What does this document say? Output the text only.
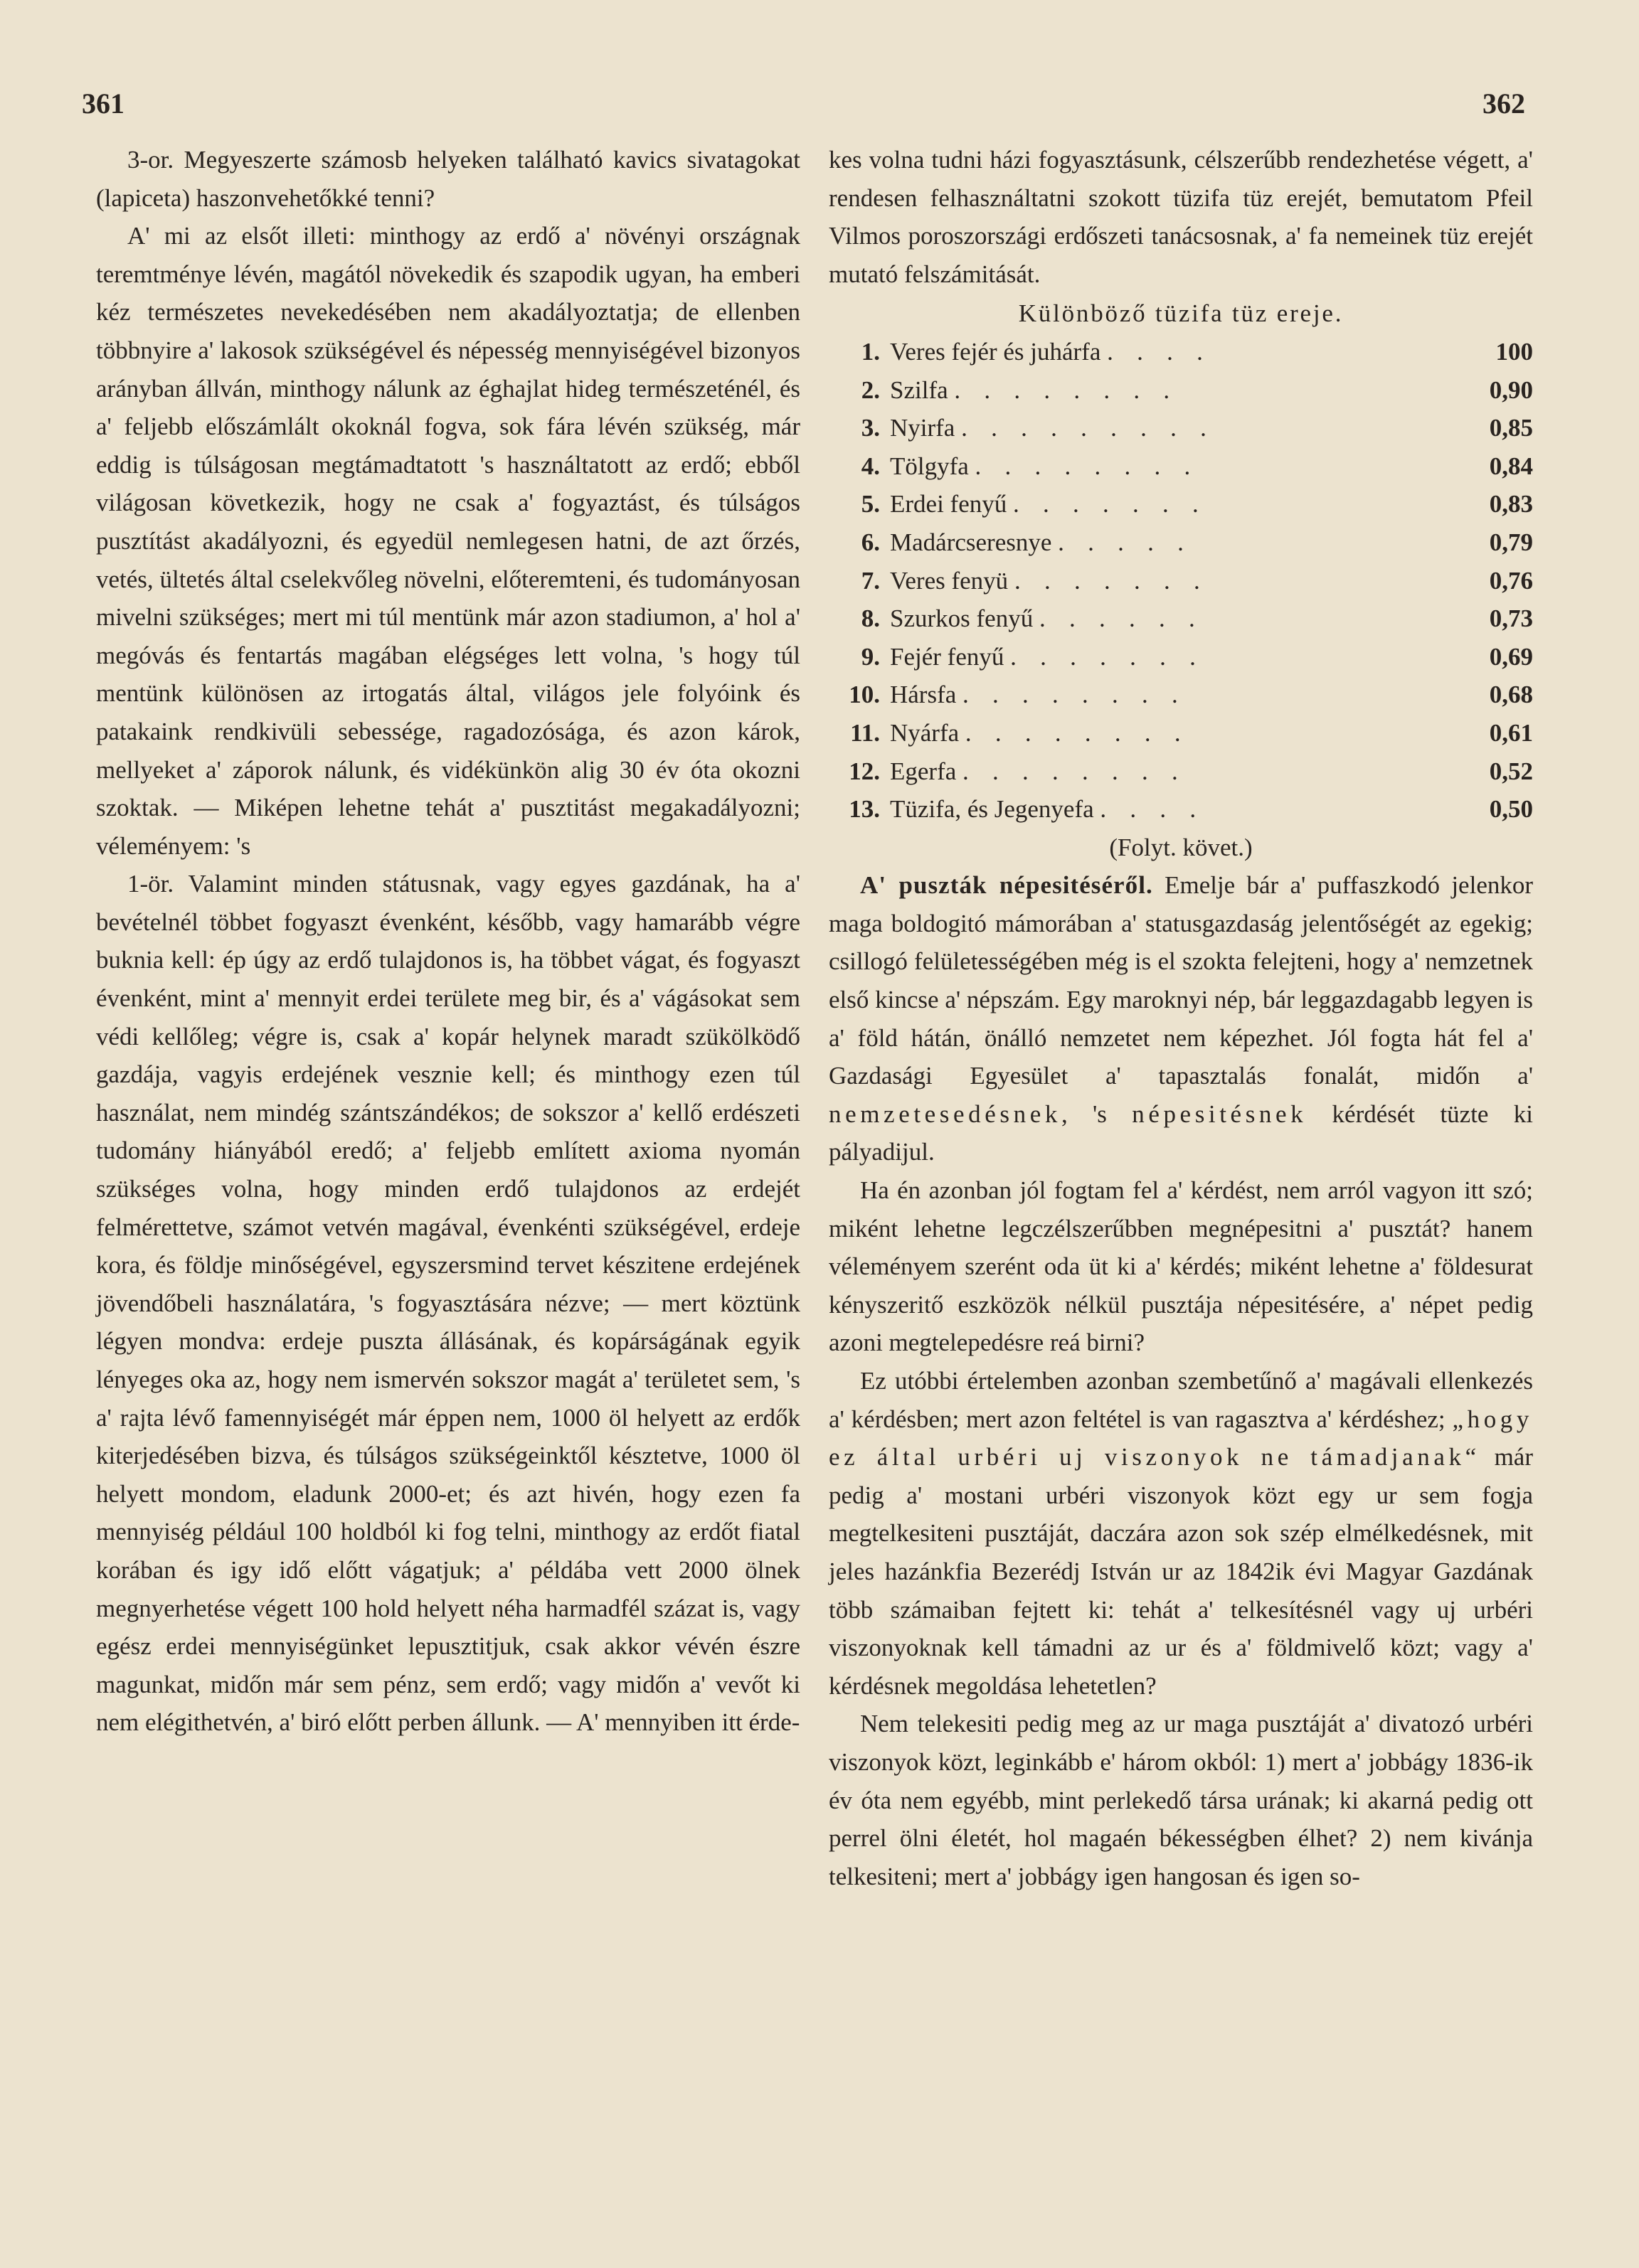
361	362

3-or. Megyeszerte számosb helyeken található kavics sivatagokat (lapiceta) haszonvehetőkké tenni?

A' mi az elsőt illeti: minthogy az erdő a' növényi országnak teremtménye lévén, magától növekedik és szapodik ugyan, ha emberi kéz természetes nevekedésében nem akadályoztatja; de ellenben többnyire a' lakosok szükségével és népesség mennyiségével bizonyos arányban állván, minthogy nálunk az éghajlat hideg természeténél, és a' feljebb előszámlált okoknál fogva, sok fára lévén szükség, már eddig is túlságosan megtámadtatott 's használtatott az erdő; ebből világosan következik, hogy ne csak a' fogyaztást, és túlságos pusztítást akadályozni, és egyedül nemlegesen hatni, de azt őrzés, vetés, ültetés által cselekvőleg növelni, előteremteni, és tudományosan mivelni szükséges; mert mi túl mentünk már azon stadiumon, a' hol a' megóvás és fentartás magában elégséges lett volna, 's hogy túl mentünk különösen az irtogatás által, világos jele folyóink és patakaink rendkivüli sebessége, ragadozósága, és azon károk, mellyeket a' záporok nálunk, és vidékünkön alig 30 év óta okozni szoktak. — Miképen lehetne tehát a' pusztitást megakadályozni; véleményem: 's

1-ör. Valamint minden státusnak, vagy egyes gazdának, ha a' bevételnél többet fogyaszt évenként, később, vagy hamarább végre buknia kell: ép úgy az erdő tulajdonos is, ha többet vágat, és fogyaszt évenként, mint a' mennyit erdei területe meg bir, és a' vágásokat sem védi kellőleg; végre is, csak a' kopár helynek maradt szükölködő gazdája, vagyis erdejének vesznie kell; és minthogy ezen túl használat, nem mindég szántszándékos; de sokszor a' kellő erdészeti tudomány hiányából eredő; a' feljebb említett axioma nyomán szükséges volna, hogy minden erdő tulajdonos az erdejét felmérettetve, számot vetvén magával, évenkénti szükségével, erdeje kora, és földje minőségével, egyszersmind tervet készitene erdejének jövendőbeli használatára, 's fogyasztására nézve; — mert köztünk légyen mondva: erdeje puszta állásának, és kopárságának egyik lényeges oka az, hogy nem ismervén sokszor magát a' területet sem, 's a' rajta lévő famennyiségét már éppen nem, 1000 öl helyett az erdők kiterjedésében bizva, és túlságos szükségeinktől késztetve, 1000 öl helyett mondom, eladunk 2000-et; és azt hivén, hogy ezen fa mennyiség például 100 holdból ki fog telni, minthogy az erdőt fiatal korában és igy idő előtt vágatjuk; a' példába vett 2000 ölnek megnyerhetése végett 100 hold helyett néha harmadfél százat is, vagy egész erdei mennyiségünket lepusztitjuk, csak akkor vévén észre magunkat, midőn már sem pénz, sem erdő; vagy midőn a' vevőt ki nem elégithetvén, a' biró előtt perben állunk. — A' mennyiben itt érde-

kes volna tudni házi fogyasztásunk, célszerűbb rendezhetése végett, a' rendesen felhasználtatni szokott tüzifa tüz erejét, bemutatom Pfeil Vilmos poroszországi erdőszeti tanácsosnak, a' fa nemeinek tüz erejét mutató felszámitását.

Különböző tüzifa tüz ereje.

1.	Veres fejér és juhárfa . . . .	100
2.	Szilfa . . . . . . . .	0,90
3.	Nyirfa . . . . . . . . .	0,85
4.	Tölgyfa . . . . . . . .	0,84
5.	Erdei fenyű . . . . . . .	0,83
6.	Madárcseresnye . . . . .	0,79
7.	Veres fenyü . . . . . . .	0,76
8.	Szurkos fenyű . . . . . .	0,73
9.	Fejér fenyű . . . . . . .	0,69
10.	Hársfa . . . . . . . .	0,68
11.	Nyárfa . . . . . . . .	0,61
12.	Egerfa . . . . . . . .	0,52
13.	Tüzifa, és Jegenyefa . . . .	0,50

(Folyt. követ.)

A' puszták népesitéséről. Emelje bár a' puffaszkodó jelenkor maga boldogitó mámorában a' statusgazdaság jelentőségét az egekig; csillogó felületességében még is el szokta felejteni, hogy a' nemzetnek első kincse a' népszám. Egy maroknyi nép, bár leggazdagabb legyen is a' föld hátán, önálló nemzetet nem képezhet. Jól fogta hát fel a' Gazdasági Egyesület a' tapasztalás fonalát, midőn a' nemzetesedésnek, 's népesitésnek kérdését tüzte ki pályadijul.

Ha én azonban jól fogtam fel a' kérdést, nem arról vagyon itt szó; miként lehetne legczélszerűbben megnépesitni a' pusztát? hanem véleményem szerént oda üt ki a' kérdés; miként lehetne a' földesurat kényszeritő eszközök nélkül pusztája népesitésére, a' népet pedig azoni megtelepedésre reá birni?

Ez utóbbi értelemben azonban szembetűnő a' magávali ellenkezés a' kérdésben; mert azon feltétel is van ragasztva a' kérdéshez; „hogy ez által urbéri uj viszonyok ne támadjanak“ már pedig a' mostani urbéri viszonyok közt egy ur sem fogja megtelkesiteni pusztáját, daczára azon sok szép elmélkedésnek, mit jeles hazánkfia Bezerédj István ur az 1842ik évi Magyar Gazdának több számaiban fejtett ki: tehát a' telkesítésnél vagy uj urbéri viszonyoknak kell támadni az ur és a' földmivelő közt; vagy a' kérdésnek megoldása lehetetlen?

Nem telekesiti pedig meg az ur maga pusztáját a' divatozó urbéri viszonyok közt, leginkább e' három okból: 1) mert a' jobbágy 1836-ik év óta nem egyébb, mint perlekedő társa urának; ki akarná pedig ott perrel ölni életét, hol magaén békességben élhet? 2) nem kivánja telkesiteni; mert a' jobbágy igen hangosan és igen so-
